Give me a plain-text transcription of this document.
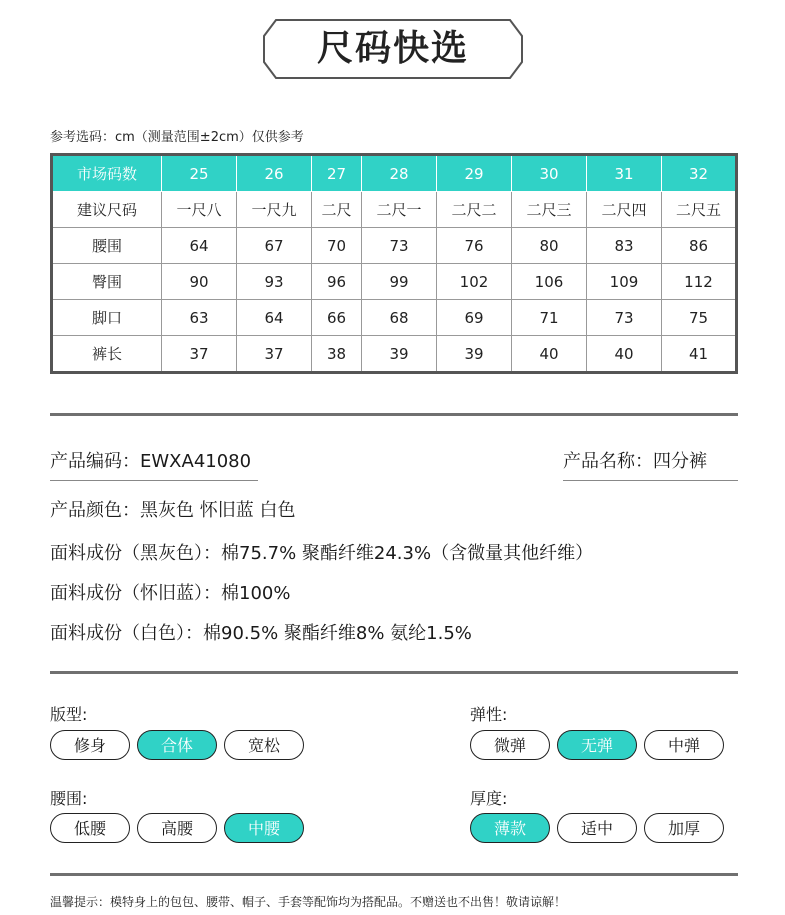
尺码快选
参考选码：cm（测量范围±2cm）仅供参考
市场码数	25	26	27	28	29	30	31	32
建议尺码	一尺八	一尺九	二尺	二尺一	二尺二	二尺三	二尺四	二尺五
腰围	64	67	70	73	76	80	83	86
臀围	90	93	96	99	102	106	109	112
脚口	63	64	66	68	69	71	73	75
裤长	37	37	38	39	39	40	40	41
产品编码：EWXA41080	产品名称：四分裤
产品颜色：黑灰色 怀旧蓝 白色
面料成份（黑灰色）：棉75.7% 聚酯纤维24.3%（含微量其他纤维）
面料成份（怀旧蓝）：棉100%
面料成份（白色）：棉90.5% 聚酯纤维8% 氨纶1.5%
版型:
修身	合体	宽松
弹性:
微弹	无弹	中弹
腰围:
低腰	高腰	中腰
厚度:
薄款	适中	加厚
温馨提示：模特身上的包包、腰带、帽子、手套等配饰均为搭配品。不赠送也不出售！敬请谅解！
